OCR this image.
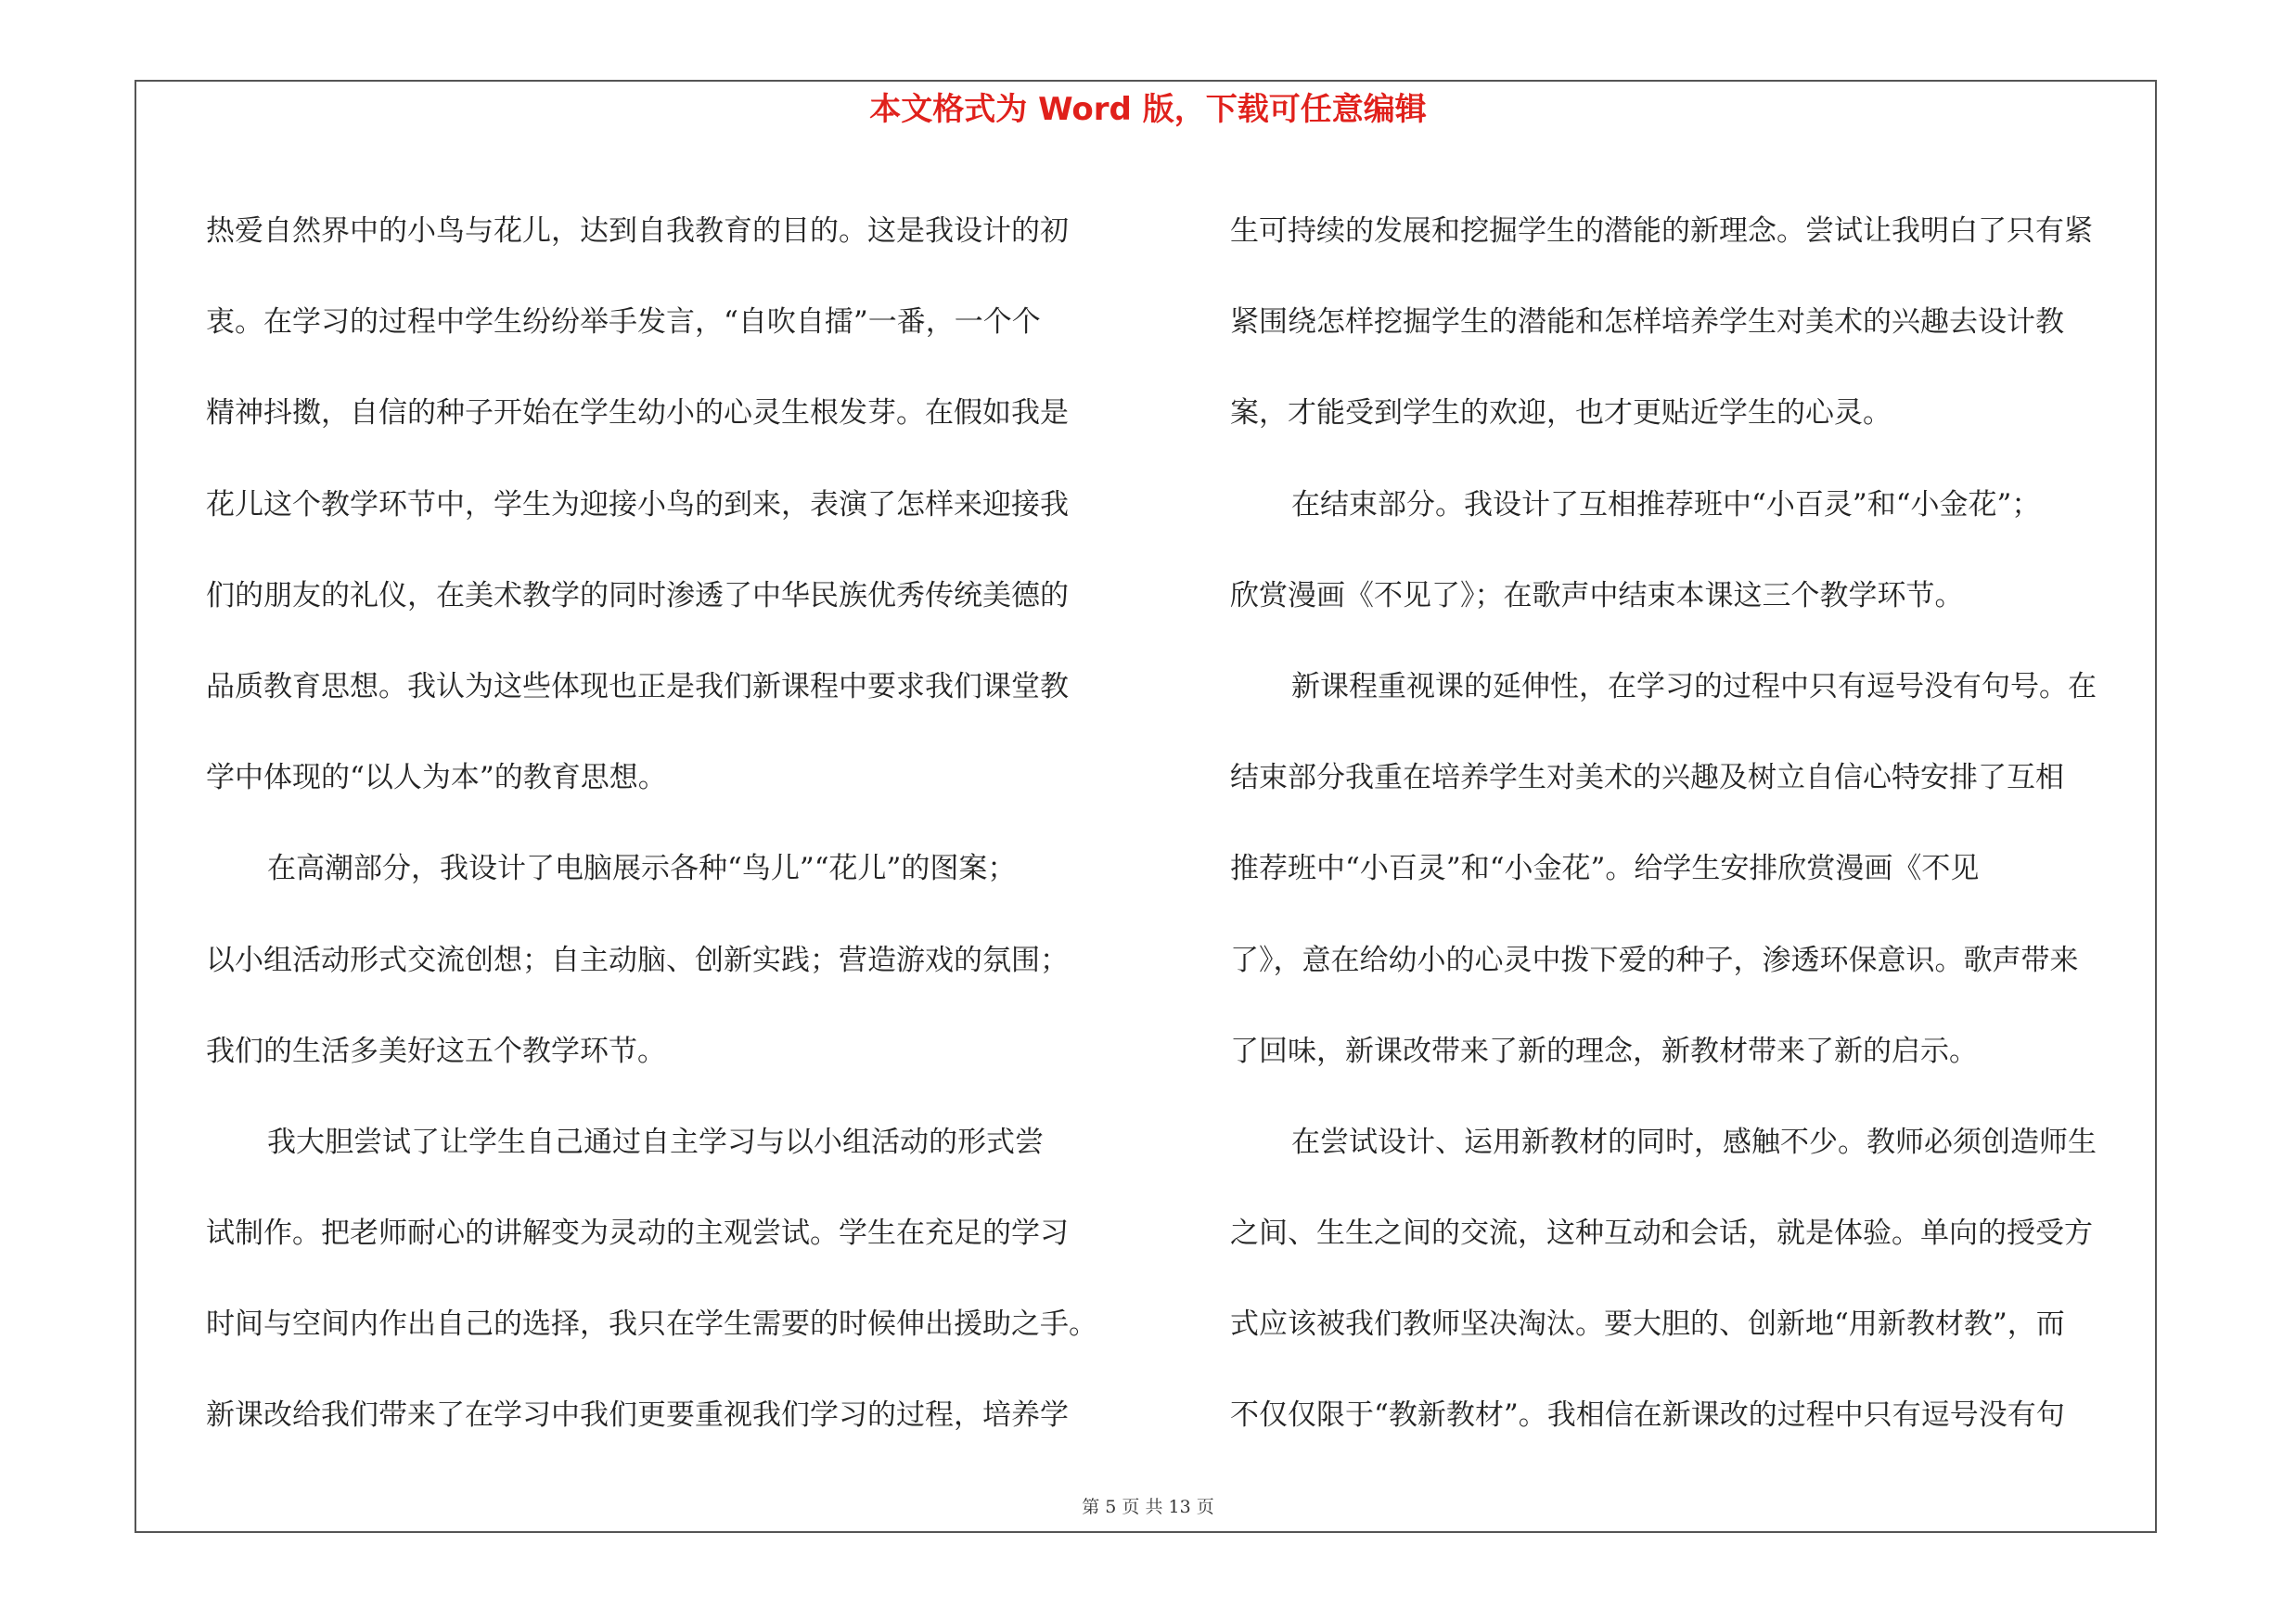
本文格式为 Word 版，下载可任意编辑
热爱自然界中的小鸟与花儿，达到自我教育的目的。这是我设计的初
衷。在学习的过程中学生纷纷举手发言，“自吹自擂”一番，一个个
精神抖擞，自信的种子开始在学生幼小的心灵生根发芽。在假如我是
花儿这个教学环节中，学生为迎接小鸟的到来，表演了怎样来迎接我
们的朋友的礼仪，在美术教学的同时渗透了中华民族优秀传统美德的
品质教育思想。我认为这些体现也正是我们新课程中要求我们课堂教
学中体现的“以人为本”的教育思想。
在高潮部分，我设计了电脑展示各种“鸟儿”“花儿”的图案；
以小组活动形式交流创想；自主动脑、创新实践；营造游戏的氛围；
我们的生活多美好这五个教学环节。
我大胆尝试了让学生自己通过自主学习与以小组活动的形式尝
试制作。把老师耐心的讲解变为灵动的主观尝试。学生在充足的学习
时间与空间内作出自己的选择，我只在学生需要的时候伸出援助之手。
新课改给我们带来了在学习中我们更要重视我们学习的过程，培养学
生可持续的发展和挖掘学生的潜能的新理念。尝试让我明白了只有紧
紧围绕怎样挖掘学生的潜能和怎样培养学生对美术的兴趣去设计教
案，才能受到学生的欢迎，也才更贴近学生的心灵。
在结束部分。我设计了互相推荐班中“小百灵”和“小金花”；
欣赏漫画《不见了》；在歌声中结束本课这三个教学环节。
新课程重视课的延伸性，在学习的过程中只有逗号没有句号。在
结束部分我重在培养学生对美术的兴趣及树立自信心特安排了互相
推荐班中“小百灵”和“小金花”。给学生安排欣赏漫画《不见
了》，意在给幼小的心灵中拨下爱的种子，渗透环保意识。歌声带来
了回味，新课改带来了新的理念，新教材带来了新的启示。
在尝试设计、运用新教材的同时，感触不少。教师必须创造师生
之间、生生之间的交流，这种互动和会话，就是体验。单向的授受方
式应该被我们教师坚决淘汰。要大胆的、创新地“用新教材教”，而
不仅仅限于“教新教材”。我相信在新课改的过程中只有逗号没有句
第 5 页 共 13 页
